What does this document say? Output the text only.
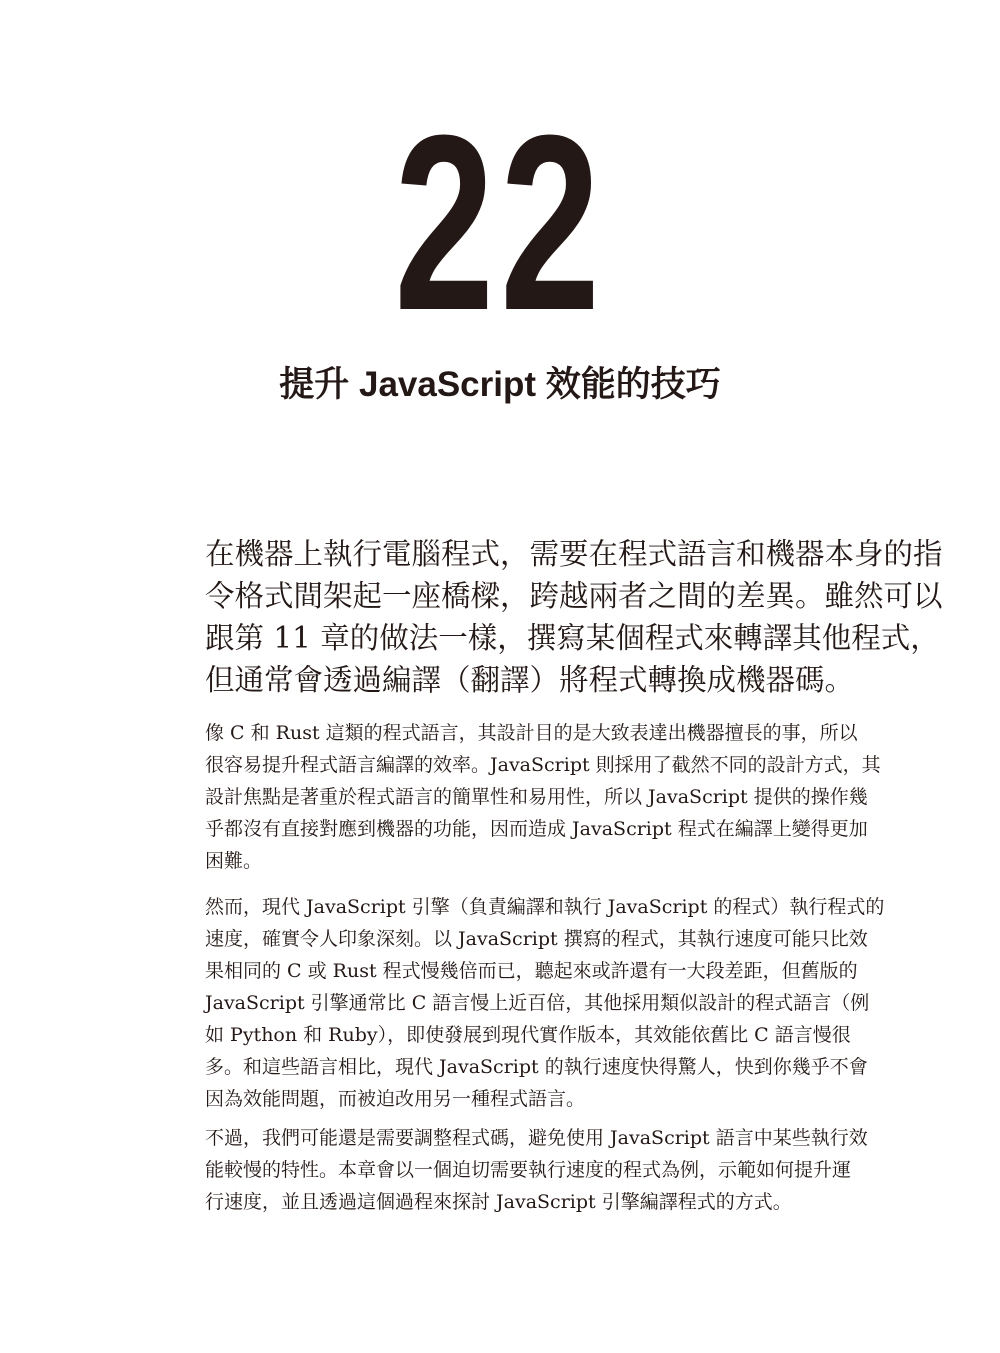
22
提升 JavaScript 效能的技巧

在機器上執行電腦程式，需要在程式語言和機器本身的指
令格式間架起一座橋樑，跨越兩者之間的差異。雖然可以
跟第 11 章的做法一樣，撰寫某個程式來轉譯其他程式，
但通常會透過編譯（翻譯）將程式轉換成機器碼。

像 C 和 Rust 這類的程式語言，其設計目的是大致表達出機器擅長的事，所以
很容易提升程式語言編譯的效率。JavaScript 則採用了截然不同的設計方式，其
設計焦點是著重於程式語言的簡單性和易用性，所以 JavaScript 提供的操作幾
乎都沒有直接對應到機器的功能，因而造成 JavaScript 程式在編譯上變得更加
困難。

然而，現代 JavaScript 引擎（負責編譯和執行 JavaScript 的程式）執行程式的
速度，確實令人印象深刻。以 JavaScript 撰寫的程式，其執行速度可能只比效
果相同的 C 或 Rust 程式慢幾倍而已，聽起來或許還有一大段差距，但舊版的
JavaScript 引擎通常比 C 語言慢上近百倍，其他採用類似設計的程式語言（例
如 Python 和 Ruby），即使發展到現代實作版本，其效能依舊比 C 語言慢很
多。和這些語言相比，現代 JavaScript 的執行速度快得驚人，快到你幾乎不會
因為效能問題，而被迫改用另一種程式語言。

不過，我們可能還是需要調整程式碼，避免使用 JavaScript 語言中某些執行效
能較慢的特性。本章會以一個迫切需要執行速度的程式為例，示範如何提升運
行速度，並且透過這個過程來探討 JavaScript 引擎編譯程式的方式。
